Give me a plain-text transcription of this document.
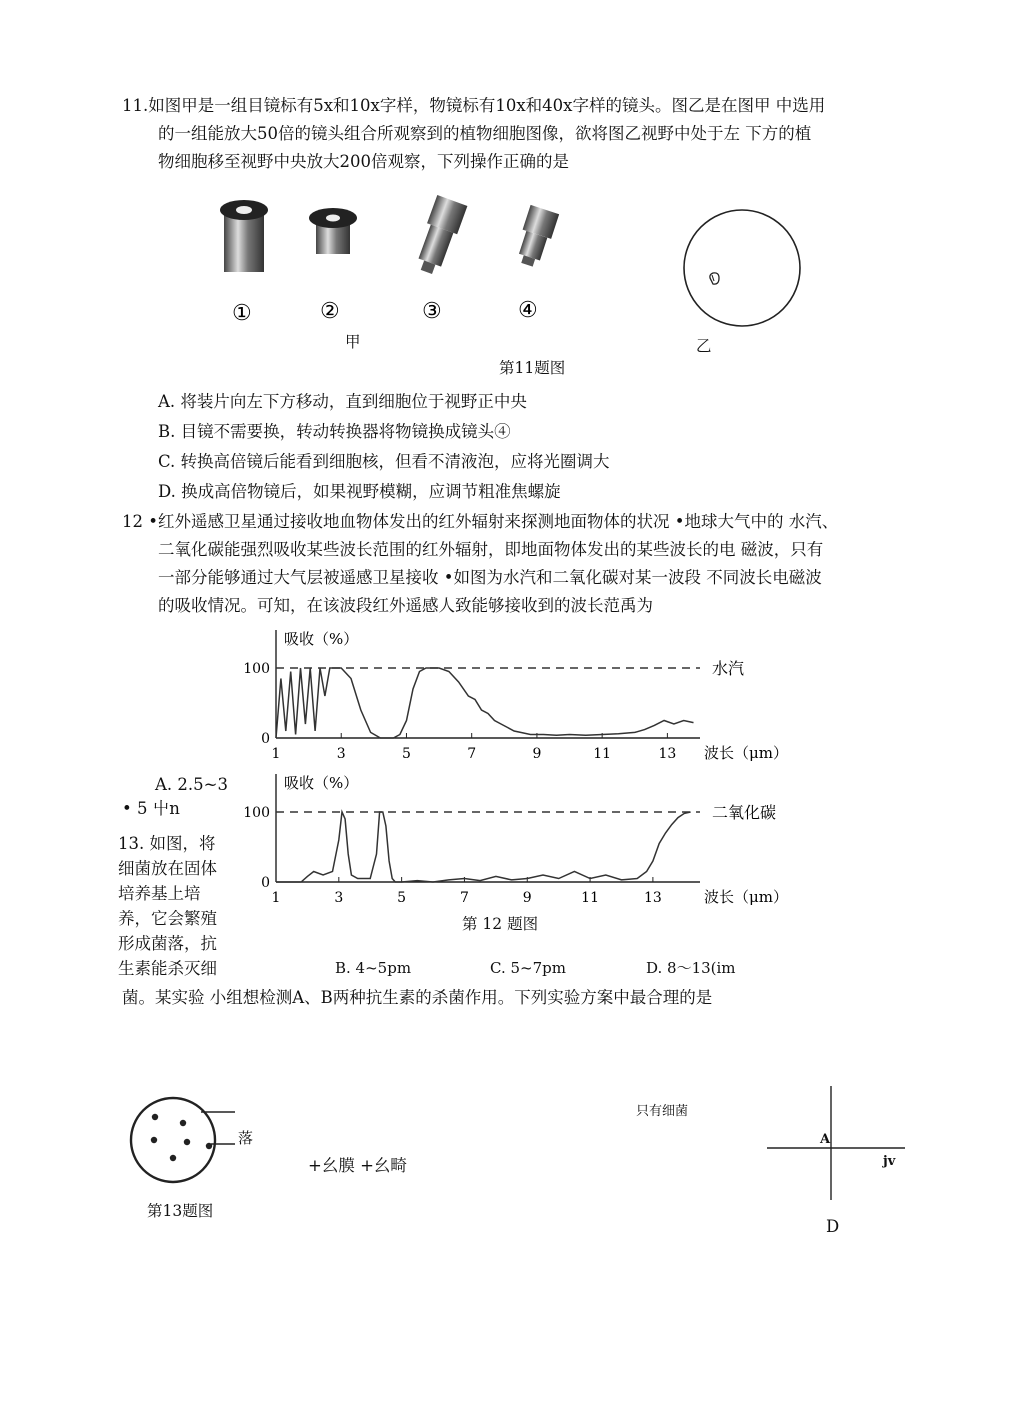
11.如图甲是一组目镜标有5x和10x字样，物镜标有10x和40x字样的镜头。图乙是在图甲 中选用
的一组能放大50倍的镜头组合所观察到的植物细胞图像，欲将图乙视野中处于左 下方的植
物细胞移至视野中央放大200倍观察，下列操作正确的是
①	②	③	④
甲	乙
第11题图
A. 将装片向左下方移动，直到细胞位于视野正中央
B. 目镜不需要换，转动转换器将物镜换成镜头④
C. 转换高倍镜后能看到细胞核，但看不清液泡，应将光圈调大
D. 换成高倍物镜后，如果视野模糊，应调节粗准焦螺旋
12 •红外遥感卫星通过接收地血物体发出的红外辐射来探测地面物体的状况 •地球大气中的 水汽、
二氧化碳能强烈吸收某些波长范围的红外辐射，即地面物体发出的某些波长的电 磁波，只有
一部分能够通过大气层被遥感卫星接收 •如图为水汽和二氧化碳对某一波段 不同波长电磁波
的吸收情况。可知，在该波段红外遥感人致能够接收到的波长范禹为
吸收（%）
0
100
1	3	5	7	9	11	13 波长（μm）
水汽
吸收（%）
0
100
1	3	5	7	9	11	13	波长（μm）
二氧化碳
第 12 题图
A. 2.5~3
• 5 屮n
B. 4~5pm	C. 5~7pm	D. 8～13(im
13. 如图，将
细菌放在固体
培养基上培
养，它会繁殖
形成菌落，抗
生素能杀灭细
菌。某实验 小组想检测A、B两种抗生素的杀菌作用。下列实验方案中最合理的是
落
第13题图
+幺膜 +幺畸
只有细菌
A
jv
D
